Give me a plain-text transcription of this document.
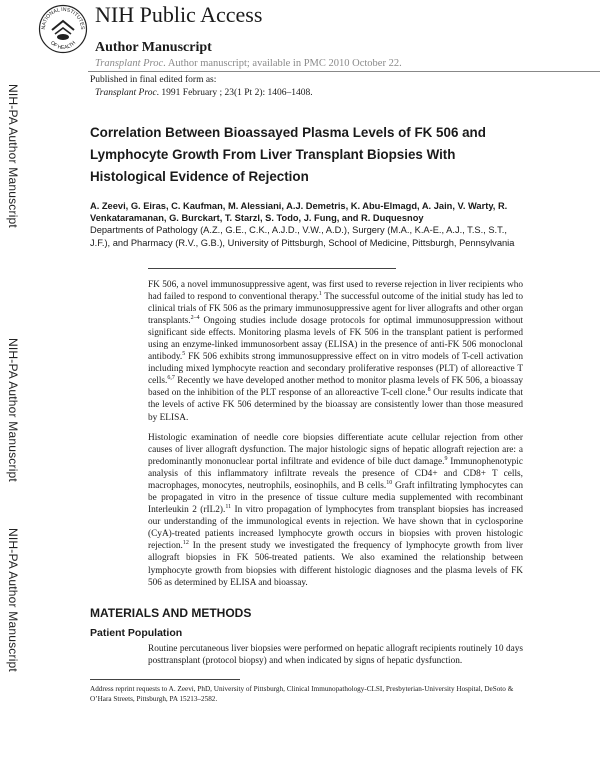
NIH-PA Author Manuscript
NIH-PA Author Manuscript
NIH-PA Author Manuscript
NATIONAL INSTITUTES
OF HEALTH
NIH Public Access
Author Manuscript
Transplant Proc. Author manuscript; available in PMC 2010 October 22.
Published in final edited form as:
Transplant Proc. 1991 February ; 23(1 Pt 2): 1406–1408.
Correlation Between Bioassayed Plasma Levels of FK 506 and Lymphocyte Growth From Liver Transplant Biopsies With Histological Evidence of Rejection
A. Zeevi, G. Eiras, C. Kaufman, M. Alessiani, A.J. Demetris, K. Abu-Elmagd, A. Jain, V. Warty, R. Venkataramanan, G. Burckart, T. Starzl, S. Todo, J. Fung, and R. Duquesnoy
Departments of Pathology (A.Z., G.E., C.K., A.J.D., V.W., A.D.), Surgery (M.A., K.A-E., A.J., T.S., S.T., J.F.), and Pharmacy (R.V., G.B.), University of Pittsburgh, School of Medicine, Pittsburgh, Pennsylvania

FK 506, a novel immunosuppressive agent, was first used to reverse rejection in liver recipients who had failed to respond to conventional therapy.$^1$ The successful outcome of the initial study has led to clinical trials of FK 506 as the primary immunosuppressive agent for liver allografts and other organ transplants.$^{2-4}$ Ongoing studies include dosage protocols for optimal immunosuppression without significant side effects. Monitoring plasma levels of FK 506 in the transplant patient is performed using an enzyme-linked immunosorbent assay (ELISA) in the presence of anti-FK 506 monoclonal antibody.$^5$ FK 506 exhibits strong immunosuppressive effect on in vitro models of T-cell activation including mixed lymphocyte reaction and secondary proliferative responses (PLT) of alloreactive T cells.$^{6,7}$ Recently we have developed another method to monitor plasma levels of FK 506, a bioassay based on the inhibition of the PLT response of an alloreactive T-cell clone.$^8$ Our results indicate that the levels of active FK 506 determined by the bioassay are consistently lower than those measured by ELISA.

Histologic examination of needle core biopsies differentiate acute cellular rejection from other causes of liver allograft dysfunction. The major histologic signs of hepatic allograft rejection are: a predominantly mononuclear portal infiltrate and evidence of bile duct damage.$^9$ Immunophenotypic analysis of this inflammatory infiltrate reveals the presence of CD4+ and CD8+ T cells, macrophages, monocytes, neutrophils, eosinophils, and B cells.$^{10}$ Graft infiltrating lymphocytes can be propagated in vitro in the presence of tissue culture media supplemented with recombinant Interleukin 2 (rIL2).$^{11}$ In vitro propagation of lymphocytes from transplant biopsies has increased our understanding of the immunological events in rejection. We have shown that in cyclosporine (CyA)-treated patients increased lymphocyte growth occurs in biopsies with proven histologic rejection.$^{12}$ In the present study we investigated the frequency of lymphocyte growth from liver allograft biopsies in FK 506-treated patients. We also examined the relationship between lymphocyte growth from biopsies with different histologic diagnoses and the plasma levels of FK 506 as determined by ELISA and bioassay.

MATERIALS AND METHODS
Patient Population
Routine percutaneous liver biopsies were performed on hepatic allograft recipients routinely 10 days posttransplant (protocol biopsy) and when indicated by signs of hepatic dysfunction.
Address reprint requests to A. Zeevi, PhD, University of Pittsburgh, Clinical Immunopathology-CLSI, Presbyterian-University Hospital, DeSoto & O’Hara Streets, Pittsburgh, PA 15213–2582.
